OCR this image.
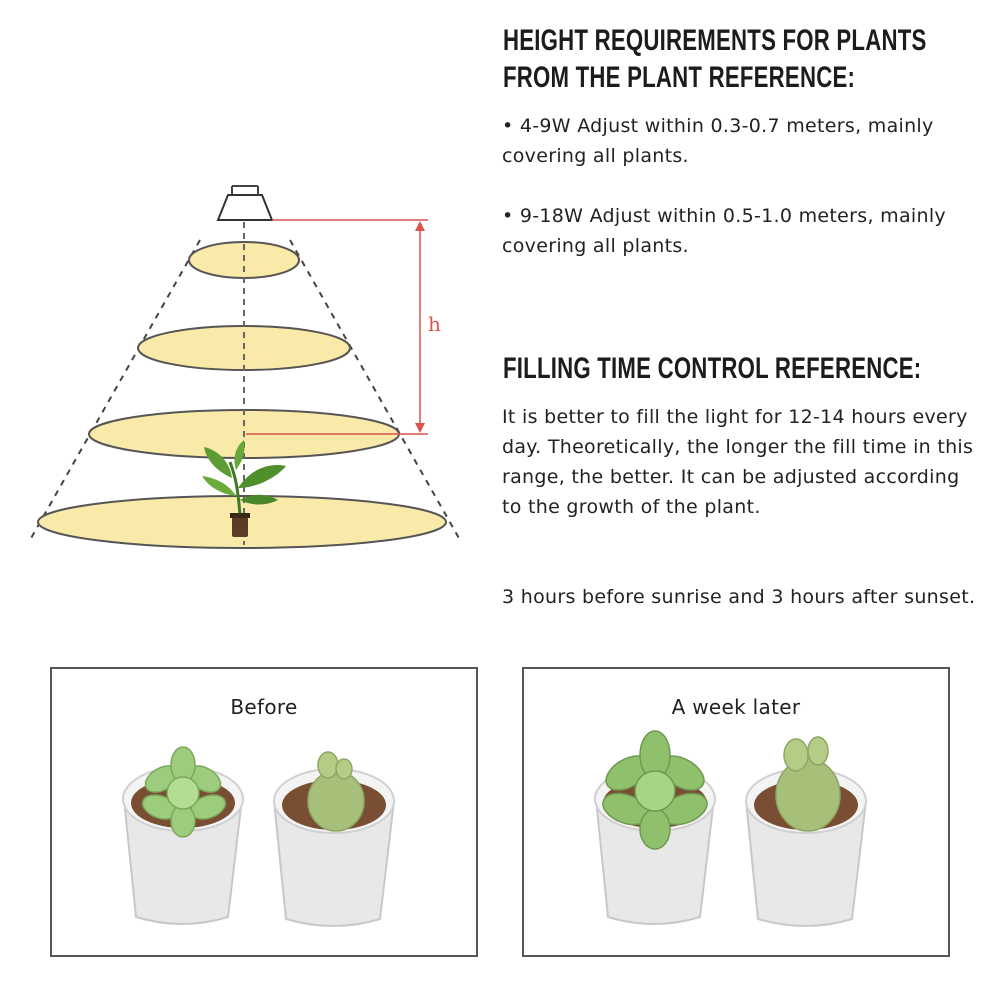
h
HEIGHT REQUIREMENTS FOR PLANTS
FROM THE PLANT REFERENCE:

• 4-9W Adjust within 0.3-0.7 meters, mainly covering all plants.

• 9-18W Adjust within 0.5-1.0 meters, mainly covering all plants.

FILLING TIME CONTROL REFERENCE:

It is better to fill the light for 12-14 hours every day. Theoretically, the longer the fill time in this range, the better. It can be adjusted according to the growth of the plant.

3 hours before sunrise and 3 hours after sunset.

Before	A week later
